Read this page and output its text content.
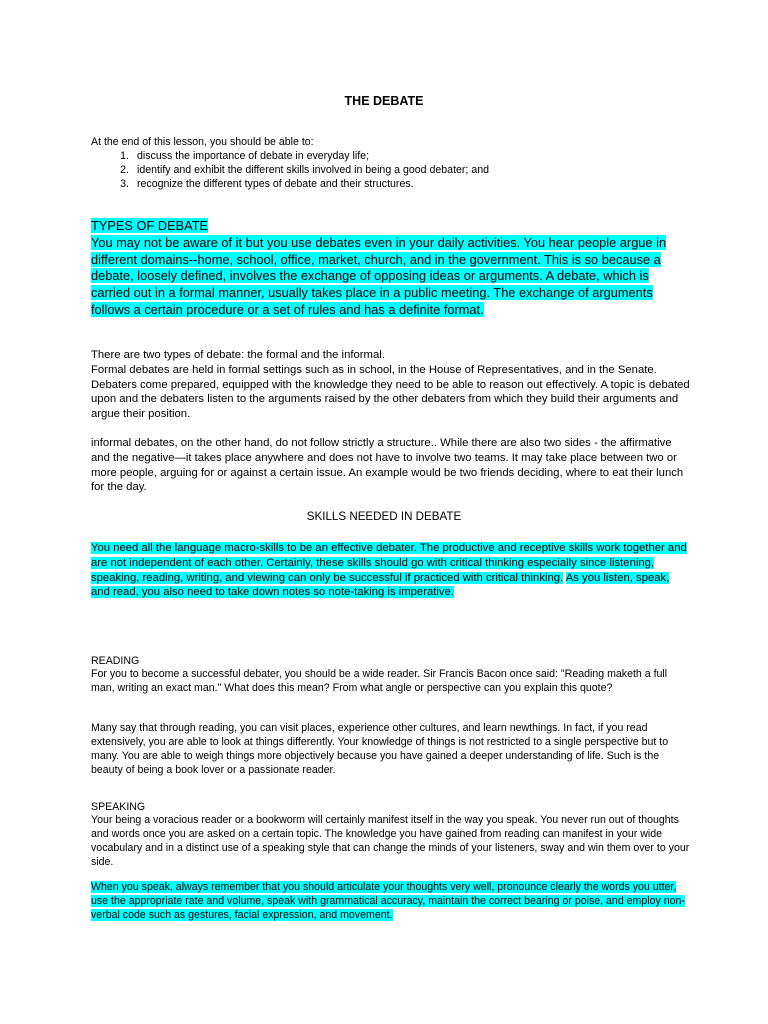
THE DEBATE

At the end of this lesson, you should be able to:

1. discuss the importance of debate in everyday life;
2. identify and exhibit the different skills involved in being a good debater; and
3. recognize the different types of debate and their structures.
TYPES OF DEBATE
You may not be aware of it but you use debates even in your daily activities. You hear people argue in different domains--home, school, office, market, church, and in the government. This is so because a debate, loosely defined, involves the exchange of opposing ideas or arguments. A debate, which is carried out in a formal manner, usually takes place in a public meeting. The exchange of arguments follows a certain procedure or a set of rules and has a definite format.

There are two types of debate: the formal and the informal.

Formal debates are held in formal settings such as in school, in the House of Representatives, and in the Senate. Debaters come prepared, equipped with the knowledge they need to be able to reason out effectively. A topic is debated upon and the debaters listen to the arguments raised by the other debaters from which they build their arguments and argue their position.

informal debates, on the other hand, do not follow strictly a structure.. While there are also two sides - the affirmative and the negative—it takes place anywhere and does not have to involve two teams. It may take place between two or more people, arguing for or against a certain issue. An example would be two friends deciding, where to eat their lunch for the day.

SKILLS NEEDED IN DEBATE

You need all the language macro-skills to be an effective debater. The productive and receptive skills work together and are not independent of each other. Certainly, these skills should go with critical thinking especially since listening, speaking, reading, writing, and viewing can only be successful if practiced with critical thinking. As you listen, speak, and read, you also need to take down notes so note-taking is imperative.

READING

For you to become a successful debater, you should be a wide reader. Sir Francis Bacon once said: "Reading maketh a full man, writing an exact man." What does this mean? From what angle or perspective can you explain this quote?

Many say that through reading, you can visit places, experience other cultures, and learn newthings. In fact, if you read extensively, you are able to look at things differently. Your knowledge of things is not restricted to a single perspective but to many. You are able to weigh things more objectively because you have gained a deeper understanding of life. Such is the beauty of being a book lover or a passionate reader.

SPEAKING

Your being a voracious reader or a bookworm will certainly manifest itself in the way you speak. You never run out of thoughts and words once you are asked on a certain topic. The knowledge you have gained from reading can manifest in your wide vocabulary and in a distinct use of a speaking style that can change the minds of your listeners, sway and win them over to your side.

When you speak, always remember that you should articulate your thoughts very well, pronounce clearly the words you utter, use the appropriate rate and volume, speak with grammatical accuracy, maintain the correct bearing or poise, and employ non-verbal code such as gestures, facial expression, and movement.
